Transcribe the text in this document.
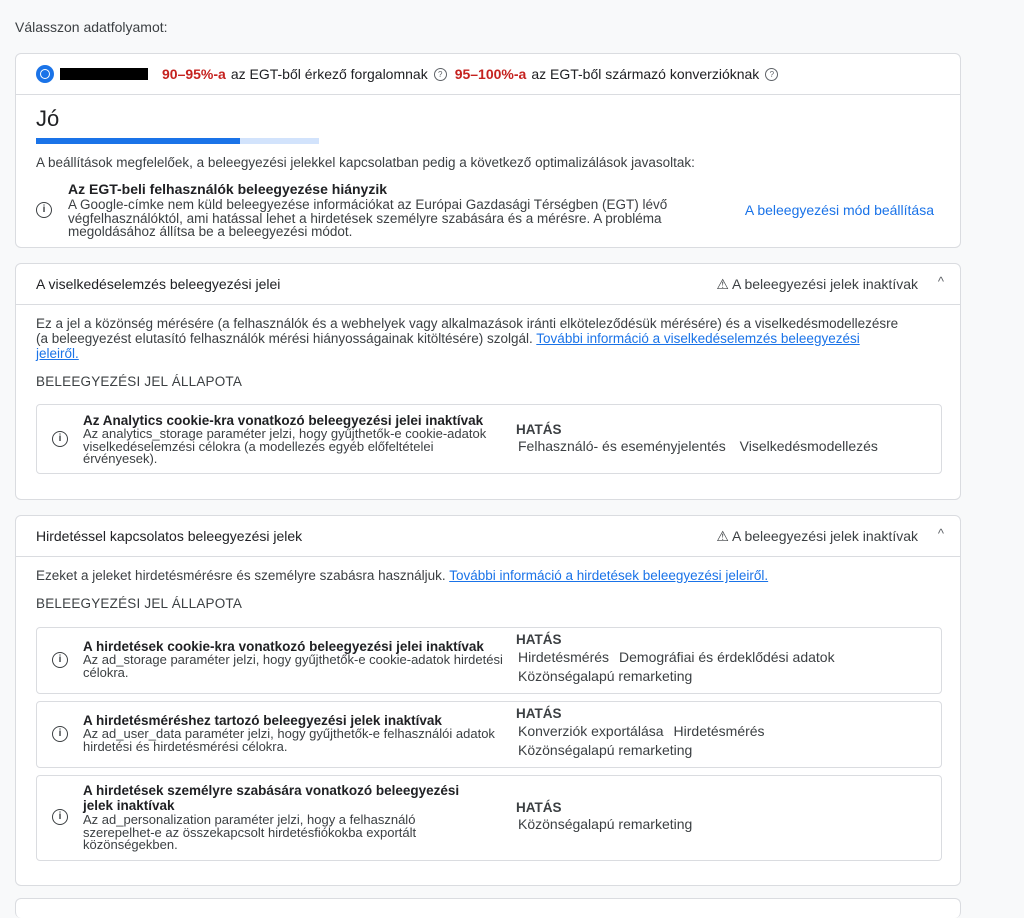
Válasszon adatfolyamot:
90–95%-a az EGT-ből érkező forgalomnak	? 95–100%-a az EGT-ből származó konverzióknak	?
Jó
A beállítások megfelelőek, a beleegyezési jelekkel kapcsolatban pedig a következő optimalizálások javasoltak:
i
Az EGT-beli felhasználók beleegyezése hiányzik
A Google-címke nem küld beleegyezése információkat az Európai Gazdasági Térségben (EGT) lévő végfelhasználóktól, ami hatással lehet a hirdetések személyre szabására és a mérésre. A probléma megoldásához állítsa be a beleegyezési módot.
A beleegyezési mód beállítása
A viselkedéselemzés beleegyezési jelei	⚠ A beleegyezési jelek inaktívak ^
Ez a jel a közönség mérésére (a felhasználók és a webhelyek vagy alkalmazások iránti elköteleződésük mérésére) és a viselkedésmodellezésre (a beleegyezést elutasító felhasználók mérési hiányosságainak kitöltésére) szolgál. További információ a viselkedéselemzés beleegyezési jeleiről.
BELEEGYEZÉSI JEL ÁLLAPOTA
i
Az Analytics cookie-kra vonatkozó beleegyezési jelei inaktívak
Az analytics_storage paraméter jelzi, hogy gyűjthetők-e cookie-adatok viselkedéselemzési célokra (a modellezés egyéb előfeltételei érvényesek).
HATÁS
Felhasználó- és eseményjelentés Viselkedésmodellezés
Hirdetéssel kapcsolatos beleegyezési jelek	⚠ A beleegyezési jelek inaktívak ^
Ezeket a jeleket hirdetésmérésre és személyre szabásra használjuk. További információ a hirdetések beleegyezési jeleiről.
BELEEGYEZÉSI JEL ÁLLAPOTA
i
A hirdetések cookie-kra vonatkozó beleegyezési jelei inaktívak
Az ad_storage paraméter jelzi, hogy gyűjthetők-e cookie-adatok hirdetési célokra.
HATÁS
Hirdetésmérés Demográfiai és érdeklődési adatok
Közönségalapú remarketing
i
A hirdetésméréshez tartozó beleegyezési jelek inaktívak
Az ad_user_data paraméter jelzi, hogy gyűjthetők-e felhasználói adatok hirdetési és hirdetésmérési célokra.
HATÁS
Konverziók exportálása Hirdetésmérés
Közönségalapú remarketing
i
A hirdetések személyre szabására vonatkozó beleegyezési jelek inaktívak
Az ad_personalization paraméter jelzi, hogy a felhasználó szerepelhet-e az összekapcsolt hirdetésfiókokba exportált közönségekben.
HATÁS
Közönségalapú remarketing
